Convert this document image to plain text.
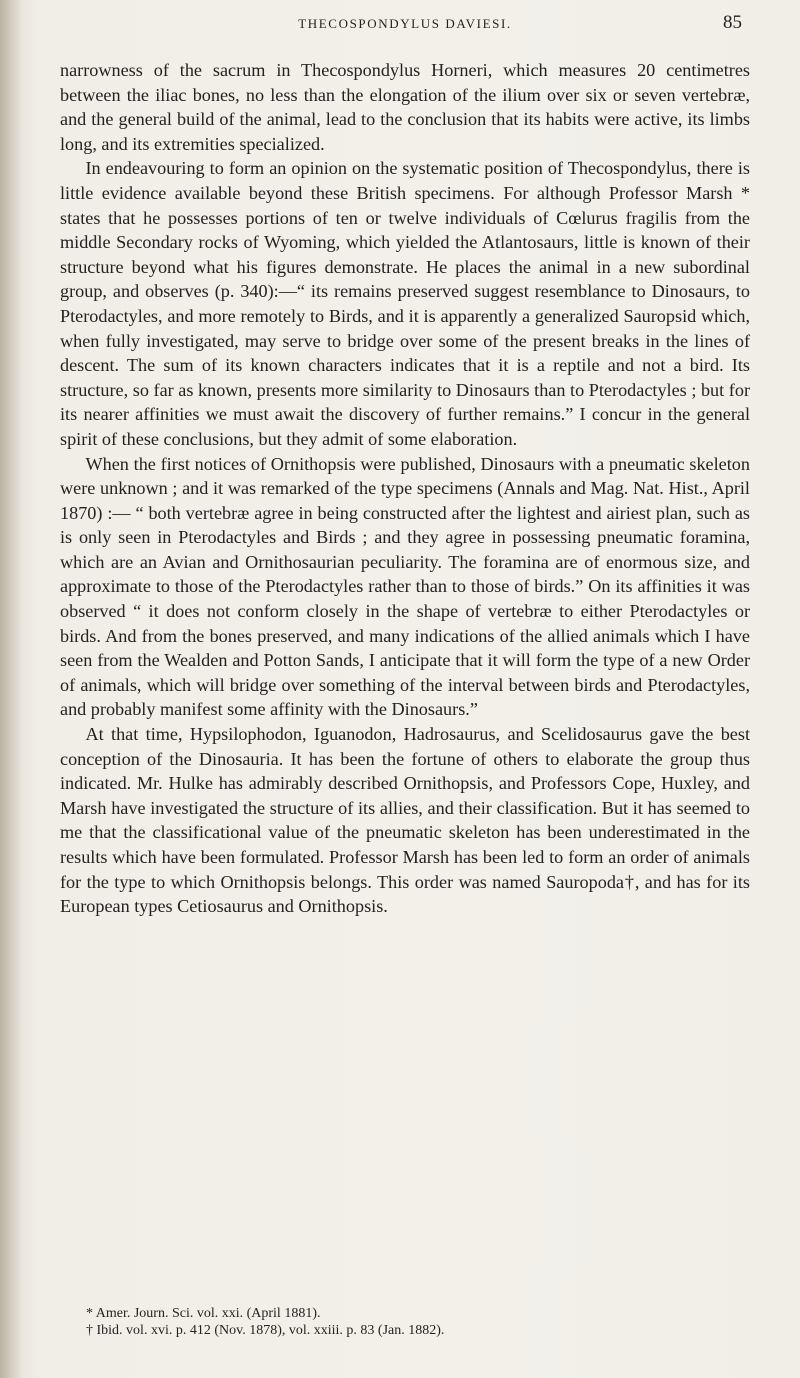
THECOSPONDYLUS DAVIESI.	85

narrowness of the sacrum in Thecospondylus Horneri, which measures 20 centimetres between the iliac bones, no less than the elongation of the ilium over six or seven vertebræ, and the general build of the animal, lead to the conclusion that its habits were active, its limbs long, and its extremities specialized.

In endeavouring to form an opinion on the systematic position of Thecospondylus, there is little evidence available beyond these British specimens. For although Professor Marsh * states that he possesses portions of ten or twelve individuals of Cœlurus fragilis from the middle Secondary rocks of Wyoming, which yielded the Atlantosaurs, little is known of their structure beyond what his figures demonstrate. He places the animal in a new subordinal group, and observes (p. 340):—“ its remains preserved suggest resemblance to Dinosaurs, to Pterodactyles, and more remotely to Birds, and it is apparently a generalized Sauropsid which, when fully investigated, may serve to bridge over some of the present breaks in the lines of descent. The sum of its known characters indicates that it is a reptile and not a bird. Its structure, so far as known, presents more similarity to Dinosaurs than to Pterodactyles ; but for its nearer affinities we must await the discovery of further remains.” I concur in the general spirit of these conclusions, but they admit of some elaboration.

When the first notices of Ornithopsis were published, Dinosaurs with a pneumatic skeleton were unknown ; and it was remarked of the type specimens (Annals and Mag. Nat. Hist., April 1870) :— “ both vertebræ agree in being constructed after the lightest and airiest plan, such as is only seen in Pterodactyles and Birds ; and they agree in possessing pneumatic foramina, which are an Avian and Ornithosaurian peculiarity. The foramina are of enormous size, and approximate to those of the Pterodactyles rather than to those of birds.” On its affinities it was observed “ it does not conform closely in the shape of vertebræ to either Pterodactyles or birds. And from the bones preserved, and many indications of the allied animals which I have seen from the Wealden and Potton Sands, I anticipate that it will form the type of a new Order of animals, which will bridge over something of the interval between birds and Pterodactyles, and probably manifest some affinity with the Dinosaurs.”

At that time, Hypsilophodon, Iguanodon, Hadrosaurus, and Scelidosaurus gave the best conception of the Dinosauria. It has been the fortune of others to elaborate the group thus indicated. Mr. Hulke has admirably described Ornithopsis, and Professors Cope, Huxley, and Marsh have investigated the structure of its allies, and their classification. But it has seemed to me that the classificational value of the pneumatic skeleton has been underestimated in the results which have been formulated. Professor Marsh has been led to form an order of animals for the type to which Ornithopsis belongs. This order was named Sauropoda†, and has for its European types Cetiosaurus and Ornithopsis.

* Amer. Journ. Sci. vol. xxi. (April 1881).

† Ibid. vol. xvi. p. 412 (Nov. 1878), vol. xxiii. p. 83 (Jan. 1882).
